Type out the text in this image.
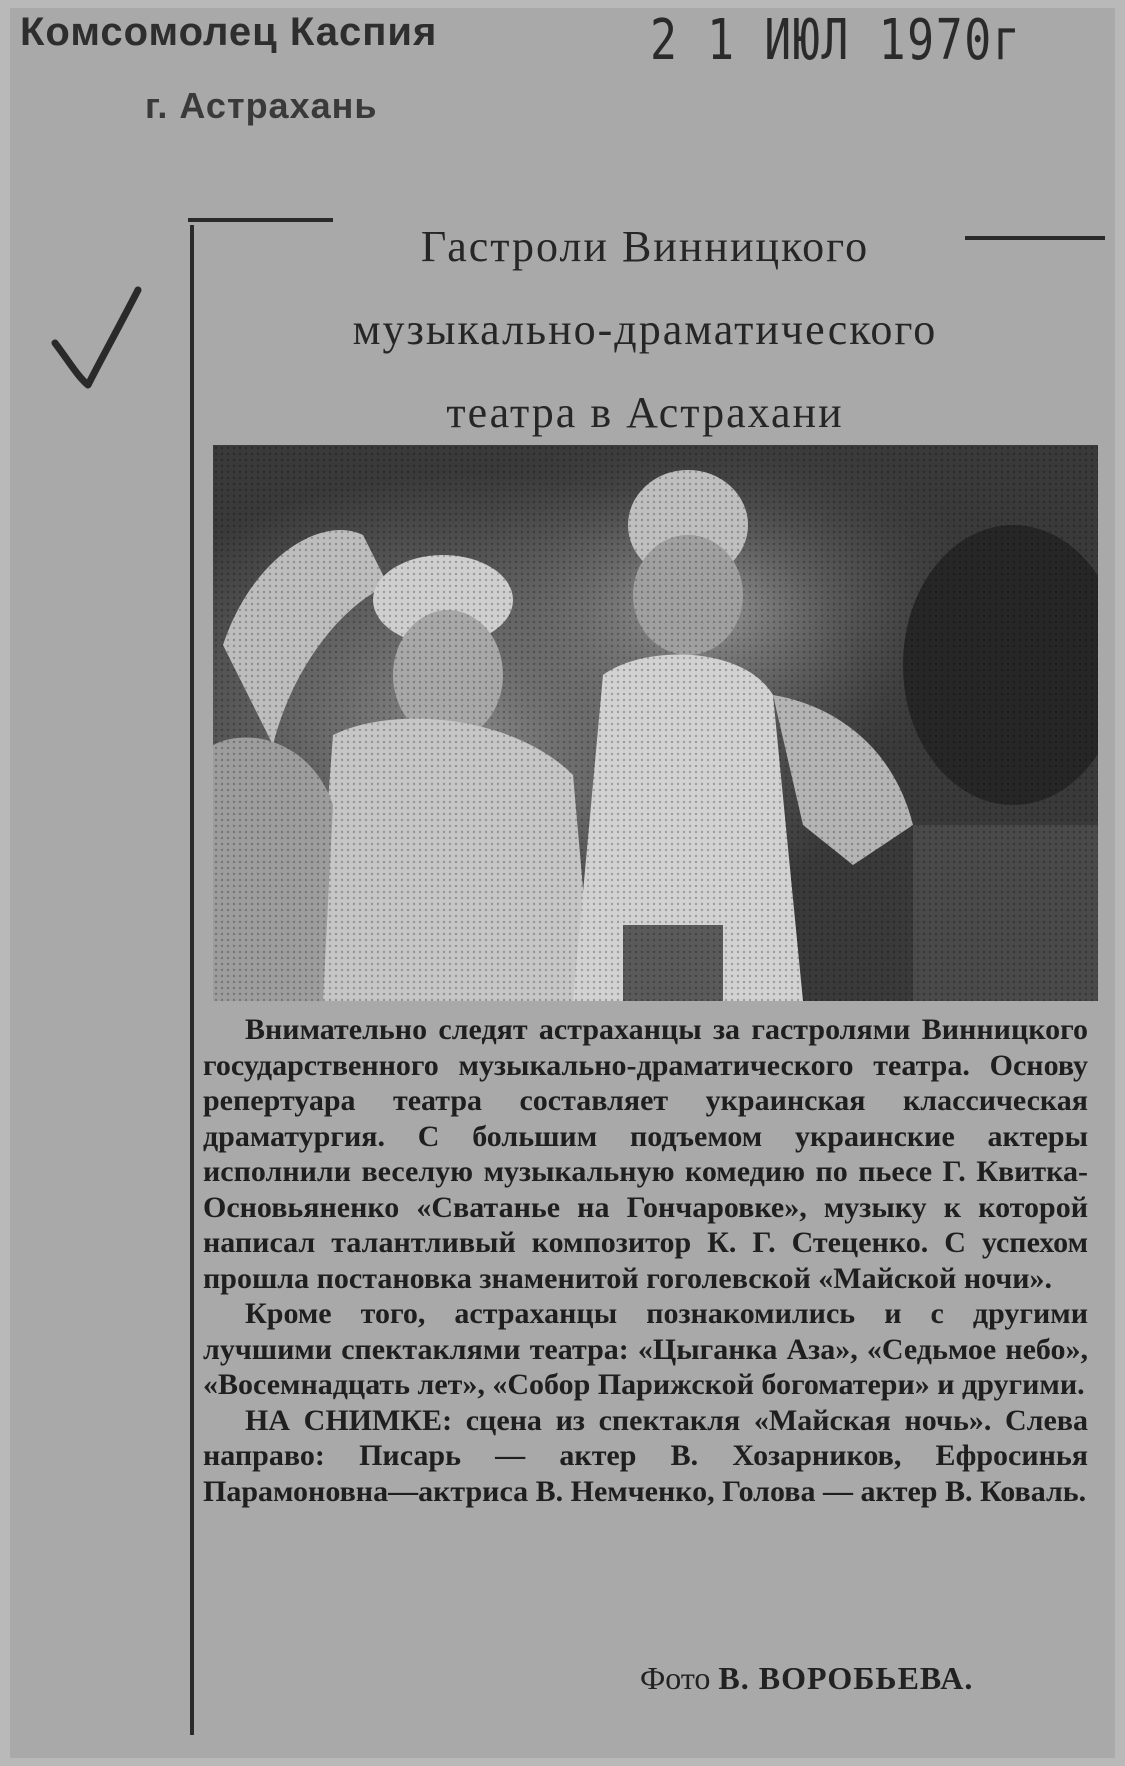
Комсомолец Каспия
г. Астрахань
2 1 ИЮЛ 1970г
Гастроли Винницкого
музыкально-драматического
театра в Астрахани

Внимательно следят астраханцы за гастролями Винницкого государственного музыкально-драматического театра. Основу репертуара театра составляет украинская классическая драматургия. С большим подъемом украинские актеры исполнили веселую музыкальную комедию по пьесе Г. Квитка-Основьяненко «Сватанье на Гончаровке», музыку к которой написал талантливый композитор К. Г. Стеценко. С успехом прошла постановка знаменитой гоголевской «Майской ночи».

Кроме того, астраханцы познакомились и с другими лучшими спектаклями театра: «Цыганка Аза», «Седьмое небо», «Восемнадцать лет», «Собор Парижской богоматери» и другими.

НА СНИМКЕ: сцена из спектакля «Майская ночь». Слева направо: Писарь — актер В. Хозарников, Ефросинья Парамоновна—актриса В. Немченко, Голова — актер В. Коваль.

Фото В. ВОРОБЬЕВА.
